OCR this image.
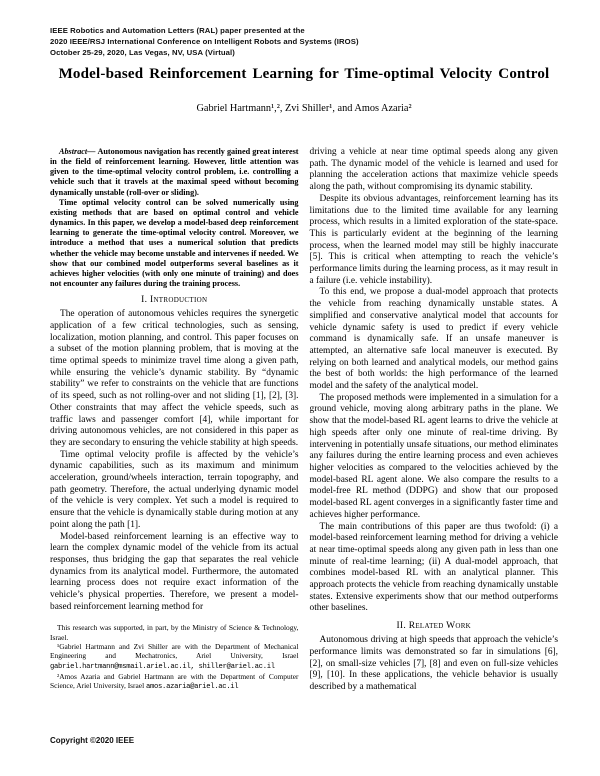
IEEE Robotics and Automation Letters (RAL) paper presented at the
2020 IEEE/RSJ International Conference on Intelligent Robots and Systems (IROS)
October 25-29, 2020, Las Vegas, NV, USA (Virtual)
Model-based Reinforcement Learning for Time-optimal Velocity Control
Gabriel Hartmann¹,², Zvi Shiller¹, and Amos Azaria²

Abstract— Autonomous navigation has recently gained great interest in the field of reinforcement learning. However, little attention was given to the time-optimal velocity control problem, i.e. controlling a vehicle such that it travels at the maximal speed without becoming dynamically unstable (roll-over or sliding).

Time optimal velocity control can be solved numerically using existing methods that are based on optimal control and vehicle dynamics. In this paper, we develop a model-based deep reinforcement learning to generate the time-optimal velocity control. Moreover, we introduce a method that uses a numerical solution that predicts whether the vehicle may become unstable and intervenes if needed. We show that our combined model outperforms several baselines as it achieves higher velocities (with only one minute of training) and does not encounter any failures during the training process.

I. Introduction

The operation of autonomous vehicles requires the synergetic application of a few critical technologies, such as sensing, localization, motion planning, and control. This paper focuses on a subset of the motion planning problem, that is moving at the time optimal speeds to minimize travel time along a given path, while ensuring the vehicle’s dynamic stability. By “dynamic stability” we refer to constraints on the vehicle that are functions of its speed, such as not rolling-over and not sliding [1], [2], [3]. Other constraints that may affect the vehicle speeds, such as traffic laws and passenger comfort [4], while important for driving autonomous vehicles, are not considered in this paper as they are secondary to ensuring the vehicle stability at high speeds.

Time optimal velocity profile is affected by the vehicle’s dynamic capabilities, such as its maximum and minimum acceleration, ground/wheels interaction, terrain topography, and path geometry. Therefore, the actual underlying dynamic model of the vehicle is very complex. Yet such a model is required to ensure that the vehicle is dynamically stable during motion at any point along the path [1].

Model-based reinforcement learning is an effective way to learn the complex dynamic model of the vehicle from its actual responses, thus bridging the gap that separates the real vehicle dynamics from its analytical model. Furthermore, the automated learning process does not require exact information of the vehicle’s physical properties. Therefore, we present a model-based reinforcement learning method for

This research was supported, in part, by the Ministry of Science & Technology, Israel.

¹Gabriel Hartmann and Zvi Shiller are with the Department of Mechanical Engineering and Mechatronics, Ariel University, Israel gabriel.hartmann@msmail.ariel.ac.il, shiller@ariel.ac.il

²Amos Azaria and Gabriel Hartmann are with the Department of Computer Science, Ariel University, Israel amos.azaria@ariel.ac.il

driving a vehicle at near time optimal speeds along any given path. The dynamic model of the vehicle is learned and used for planning the acceleration actions that maximize vehicle speeds along the path, without compromising its dynamic stability.

Despite its obvious advantages, reinforcement learning has its limitations due to the limited time available for any learning process, which results in a limited exploration of the state-space. This is particularly evident at the beginning of the learning process, when the learned model may still be highly inaccurate [5]. This is critical when attempting to reach the vehicle’s performance limits during the learning process, as it may result in a failure (i.e. vehicle instability).

To this end, we propose a dual-model approach that protects the vehicle from reaching dynamically unstable states. A simplified and conservative analytical model that accounts for vehicle dynamic safety is used to predict if every vehicle command is dynamically safe. If an unsafe maneuver is attempted, an alternative safe local maneuver is executed. By relying on both learned and analytical models, our method gains the best of both worlds: the high performance of the learned model and the safety of the analytical model.

The proposed methods were implemented in a simulation for a ground vehicle, moving along arbitrary paths in the plane. We show that the model-based RL agent learns to drive the vehicle at high speeds after only one minute of real-time driving. By intervening in potentially unsafe situations, our method eliminates any failures during the entire learning process and even achieves higher velocities as compared to the velocities achieved by the model-based RL agent alone. We also compare the results to a model-free RL method (DDPG) and show that our proposed model-based RL agent converges in a significantly faster time and achieves higher performance.

The main contributions of this paper are thus twofold: (i) a model-based reinforcement learning method for driving a vehicle at near time-optimal speeds along any given path in less than one minute of real-time learning; (ii) A dual-model approach, that combines model-based RL with an analytical planner. This approach protects the vehicle from reaching dynamically unstable states. Extensive experiments show that our method outperforms other baselines.

II. Related Work

Autonomous driving at high speeds that approach the vehicle’s performance limits was demonstrated so far in simulations [6], [2], on small-size vehicles [7], [8] and even on full-size vehicles [9], [10]. In these applications, the vehicle behavior is usually described by a mathematical

Copyright ©2020 IEEE
